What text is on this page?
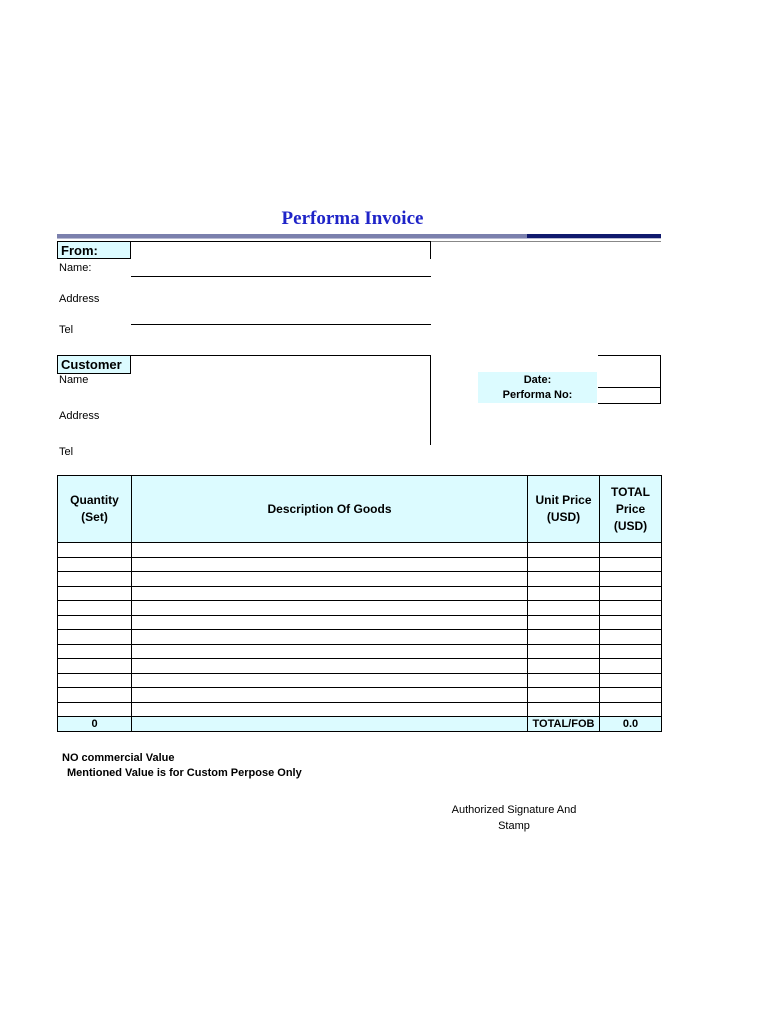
Performa Invoice
From:
Name:
Address
Tel
Customer
Name
Address
Tel
Date:
Performa No:
Quantity (Set)	Description Of Goods	Unit Price (USD)	TOTAL Price (USD)

0		TOTAL/FOB	0.0
NO commercial Value
Mentioned Value is for Custom Perpose Only
Authorized Signature And
Stamp
